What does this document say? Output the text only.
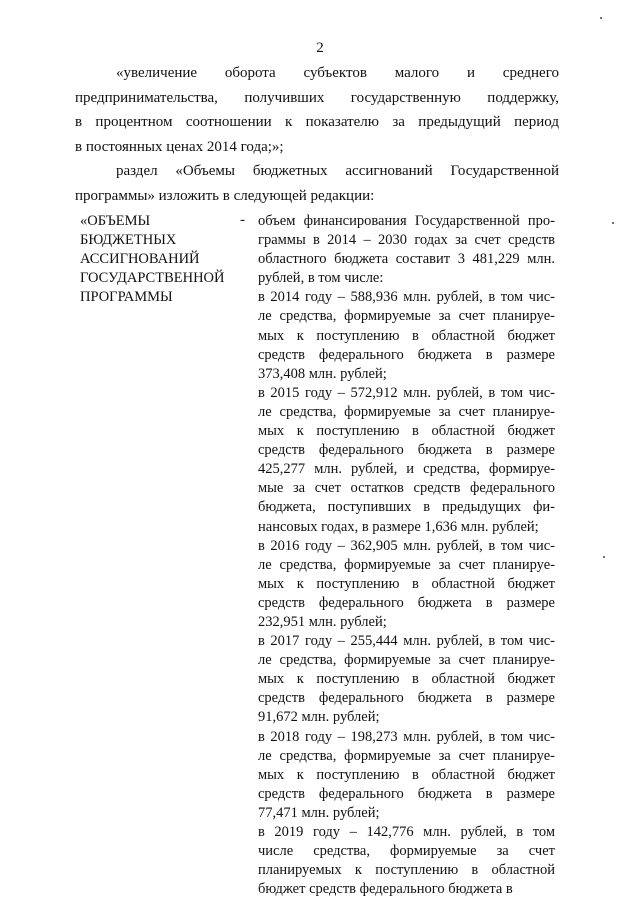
2
«увеличение оборота субъектов малого и среднего
предпринимательства, получивших государственную поддержку,
в процентном соотношении к показателю за предыдущий период
в постоянных ценах 2014 года;»;
раздел «Объемы бюджетных ассигнований Государственной
программы» изложить в следующей редакции:
«ОБЪЕМЫ
БЮДЖЕТНЫХ
АССИГНОВАНИЙ
ГОСУДАРСТВЕННОЙ
ПРОГРАММЫ
- объем финансирования Государственной про-
граммы в 2014 – 2030 годах за счет средств
областного бюджета составит 3 481,229 млн.
рублей, в том числе:
в 2014 году – 588,936 млн. рублей, в том чис-
ле средства, формируемые за счет планируе-
мых к поступлению в областной бюджет
средств федерального бюджета в размере
373,408 млн. рублей;
в 2015 году – 572,912 млн. рублей, в том чис-
ле средства, формируемые за счет планируе-
мых к поступлению в областной бюджет
средств федерального бюджета в размере
425,277 млн. рублей, и средства, формируе-
мые за счет остатков средств федерального
бюджета, поступивших в предыдущих фи-
нансовых годах, в размере 1,636 млн. рублей;
в 2016 году – 362,905 млн. рублей, в том чис-
ле средства, формируемые за счет планируе-
мых к поступлению в областной бюджет
средств федерального бюджета в размере
232,951 млн. рублей;
в 2017 году – 255,444 млн. рублей, в том чис-
ле средства, формируемые за счет планируе-
мых к поступлению в областной бюджет
средств федерального бюджета в размере
91,672 млн. рублей;
в 2018 году – 198,273 млн. рублей, в том чис-
ле средства, формируемые за счет планируе-
мых к поступлению в областной бюджет
средств федерального бюджета в размере
77,471 млн. рублей;
в 2019 году – 142,776 млн. рублей, в том
числе средства, формируемые за счет
планируемых к поступлению в областной
бюджет средств федерального бюджета в
